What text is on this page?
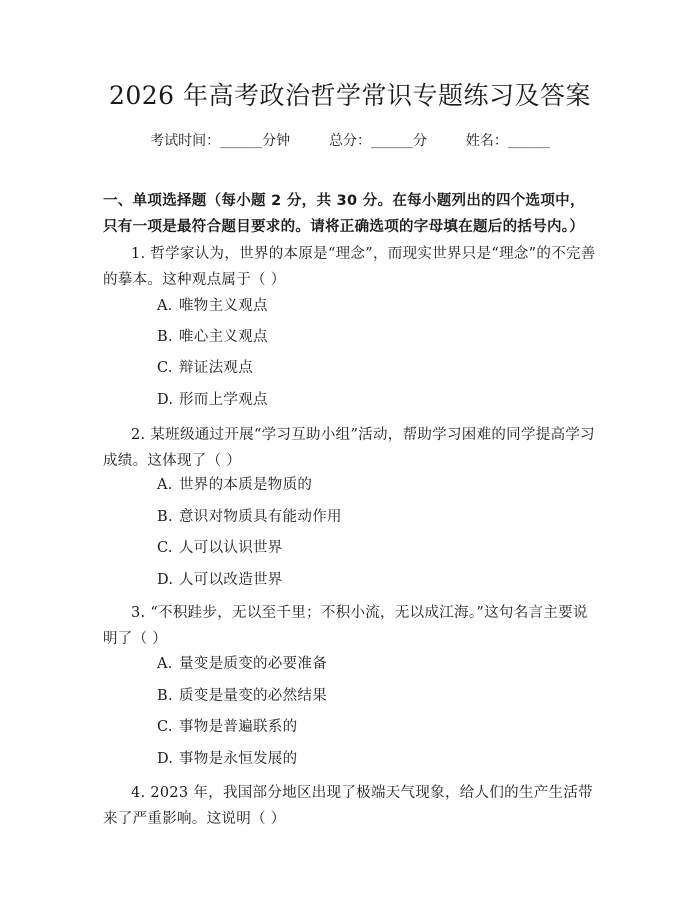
2026 年高考政治哲学常识专题练习及答案
考试时间：______分钟	总分：______分	姓名：______
一、单项选择题（每小题 2 分，共 30 分。在每小题列出的四个选项中，只有一项是最符合题目要求的。请将正确选项的字母填在题后的括号内。）
1. 哲学家认为，世界的本原是“理念”，而现实世界只是“理念”的不完善的摹本。这种观点属于（ ）
A. 唯物主义观点
B. 唯心主义观点
C. 辩证法观点
D. 形而上学观点
2. 某班级通过开展“学习互助小组”活动，帮助学习困难的同学提高学习成绩。这体现了（ ）
A. 世界的本质是物质的
B. 意识对物质具有能动作用
C. 人可以认识世界
D. 人可以改造世界
3. “不积跬步，无以至千里；不积小流，无以成江海。”这句名言主要说明了（ ）
A. 量变是质变的必要准备
B. 质变是量变的必然结果
C. 事物是普遍联系的
D. 事物是永恒发展的
4. 2023 年，我国部分地区出现了极端天气现象，给人们的生产生活带来了严重影响。这说明（ ）
